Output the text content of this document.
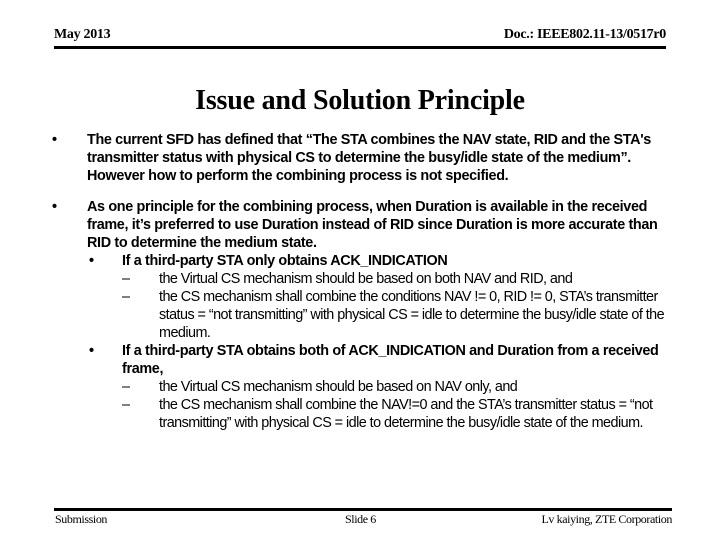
May 2013	Doc.: IEEE802.11-13/0517r0
Issue and Solution Principle
• The current SFD has defined that “The STA combines the NAV state, RID and the STA's transmitter status with physical CS to determine the busy/idle state of the medium”. However how to perform the combining process is not specified.
• As one principle for the combining process, when Duration is available in the received frame, it’s preferred to use Duration instead of RID since Duration is more accurate than RID to determine the medium state.
• If a third-party STA only obtains ACK_INDICATION
– the Virtual CS mechanism should be based on both NAV and RID, and
– the CS mechanism shall combine the conditions NAV != 0, RID != 0, STA’s transmitter status = “not transmitting” with physical CS = idle to determine the busy/idle state of the medium.
• If a third-party STA obtains both of ACK_INDICATION and Duration from a received frame,
– the Virtual CS mechanism should be based on NAV only, and
– the CS mechanism shall combine the NAV!=0 and the STA’s transmitter status = “not transmitting” with physical CS = idle to determine the busy/idle state of the medium.
Submission	Slide 6	Lv kaiying, ZTE Corporation
